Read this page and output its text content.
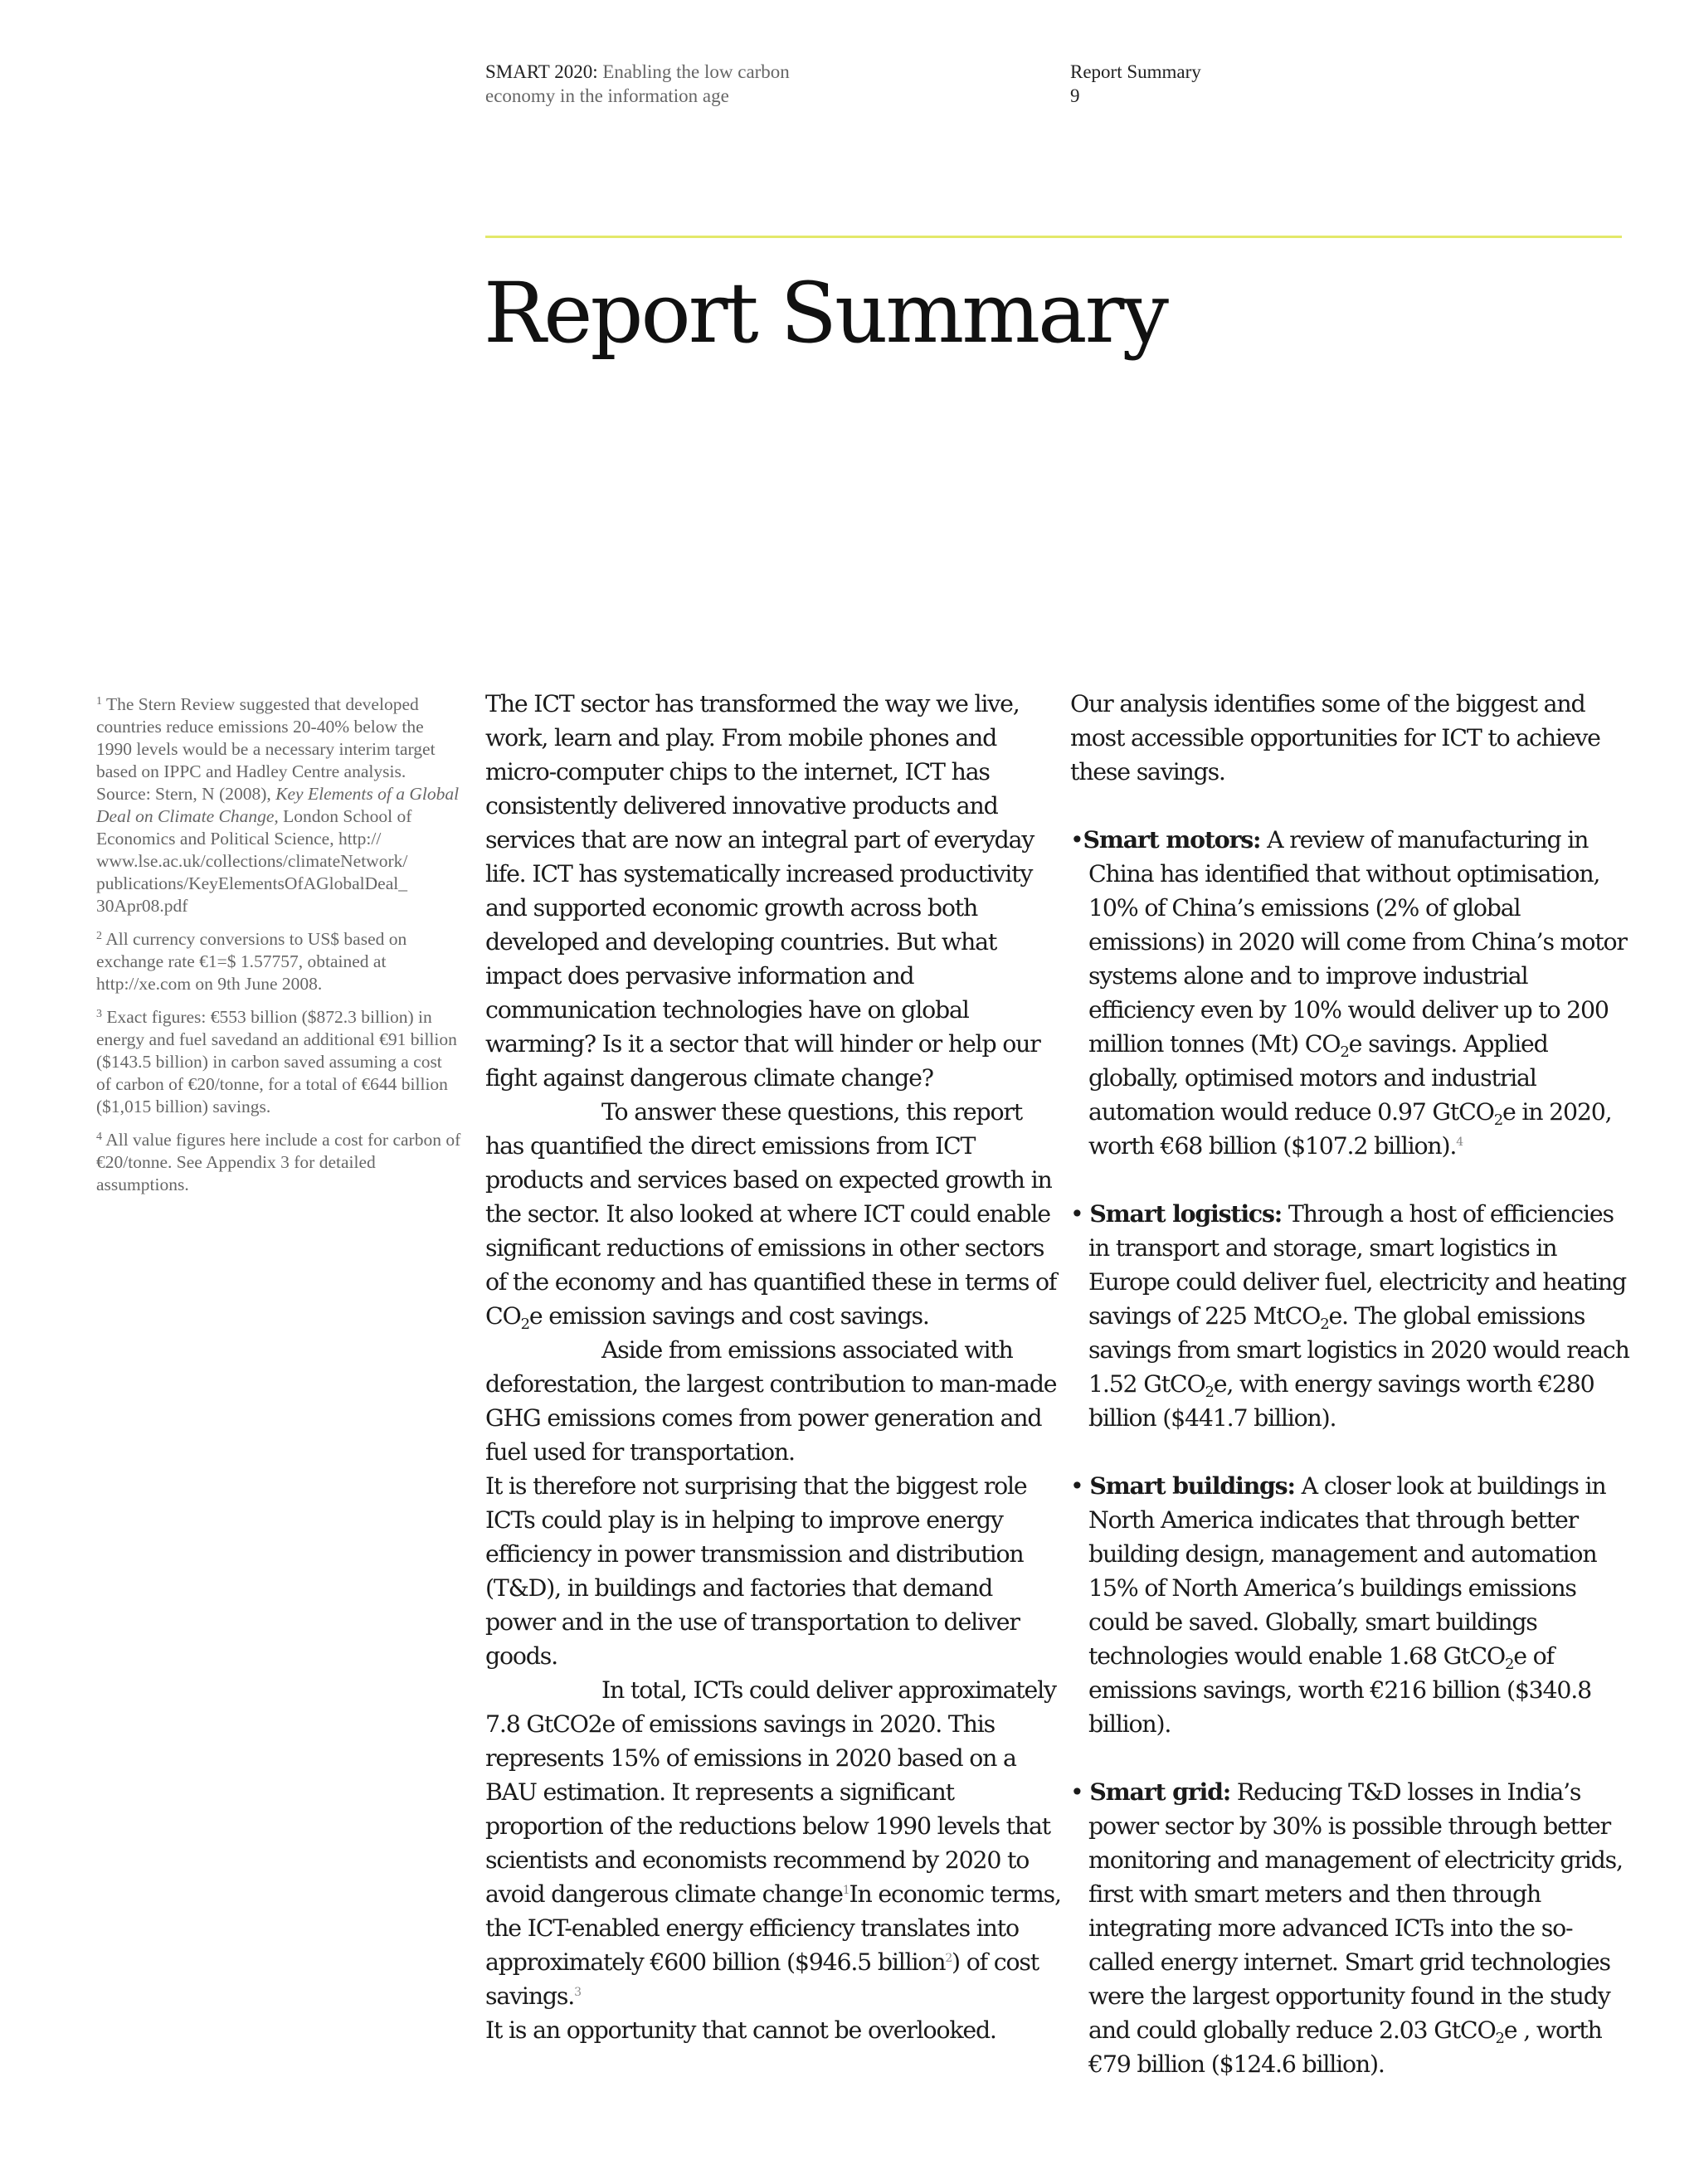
SMART 2020: Enabling the low carbon
economy in the information age
Report Summary
9
Report Summary

$^1$ The Stern Review suggested that developed countries reduce emissions 20-40% below the 1990 levels would be a necessary interim target based on IPPC and Hadley Centre analysis. Source: Stern, N (2008), Key Elements of a Global Deal on Climate Change, London School of Economics and Political Science, http:// www.lse.ac.uk/collections/climateNetwork/ publications/KeyElementsOfAGlobalDeal_ 30Apr08.pdf

$^2$ All currency conversions to US$ based on exchange rate €1=$ 1.57757, obtained at http://xe.com on 9th June 2008.

$^3$ Exact figures: €553 billion ($872.3 billion) in energy and fuel savedand an additional €91 billion ($143.5 billion) in carbon saved assuming a cost of carbon of €20/tonne, for a total of €644 billion ($1,015 billion) savings.

$^4$ All value figures here include a cost for carbon of €20/tonne. See Appendix 3 for detailed assumptions.

The ICT sector has transformed the way we live, work, learn and play. From mobile phones and micro-computer chips to the internet, ICT has consistently delivered innovative products and services that are now an integral part of everyday life. ICT has systematically increased productivity and supported economic growth across both developed and developing countries. But what impact does pervasive information and communication technologies have on global warming? Is it a sector that will hinder or help our fight against dangerous climate change?

To answer these questions, this report has quantified the direct emissions from ICT products and services based on expected growth in the sector. It also looked at where ICT could enable significant reductions of emissions in other sectors of the economy and has quantified these in terms of $CO_2e$ emission savings and cost savings.

Aside from emissions associated with deforestation, the largest contribution to man-made GHG emissions comes from power generation and fuel used for transportation.

It is therefore not surprising that the biggest role ICTs could play is in helping to improve energy efficiency in power transmission and distribution (T&D), in buildings and factories that demand power and in the use of transportation to deliver goods.

In total, ICTs could deliver approximately 7.8 GtCO2e of emissions savings in 2020. This represents 15% of emissions in 2020 based on a BAU estimation. It represents a significant proportion of the reductions below 1990 levels that scientists and economists recommend by 2020 to avoid dangerous climate change$^1$In economic terms, the ICT-enabled energy efficiency translates into approximately €600 billion ($946.5 billion$^2$) of cost savings.$^3$

It is an opportunity that cannot be overlooked.

Our analysis identifies some of the biggest and most accessible opportunities for ICT to achieve these savings.

•Smart motors: A review of manufacturing in China has identified that without optimisation, 10% of China’s emissions (2% of global emissions) in 2020 will come from China’s motor systems alone and to improve industrial efficiency even by 10% would deliver up to 200 million tonnes (Mt) $CO_2e$ savings. Applied globally, optimised motors and industrial automation would reduce 0.97 GtCO$_2$e in 2020, worth €68 billion ($107.2 billion).$^4$

• Smart logistics: Through a host of efficiencies in transport and storage, smart logistics in Europe could deliver fuel, electricity and heating savings of 225 MtCO$_2$e. The global emissions savings from smart logistics in 2020 would reach 1.52 GtCO$_2$e, with energy savings worth €280 billion ($441.7 billion).

• Smart buildings: A closer look at buildings in North America indicates that through better building design, management and automation 15% of North America’s buildings emissions could be saved. Globally, smart buildings technologies would enable 1.68 GtCO$_2$e of emissions savings, worth €216 billion ($340.8 billion).

• Smart grid: Reducing T&D losses in India’s power sector by 30% is possible through better monitoring and management of electricity grids, first with smart meters and then through integrating more advanced ICTs into the so-called energy internet. Smart grid technologies were the largest opportunity found in the study and could globally reduce 2.03 GtCO$_2$e , worth €79 billion ($124.6 billion).
